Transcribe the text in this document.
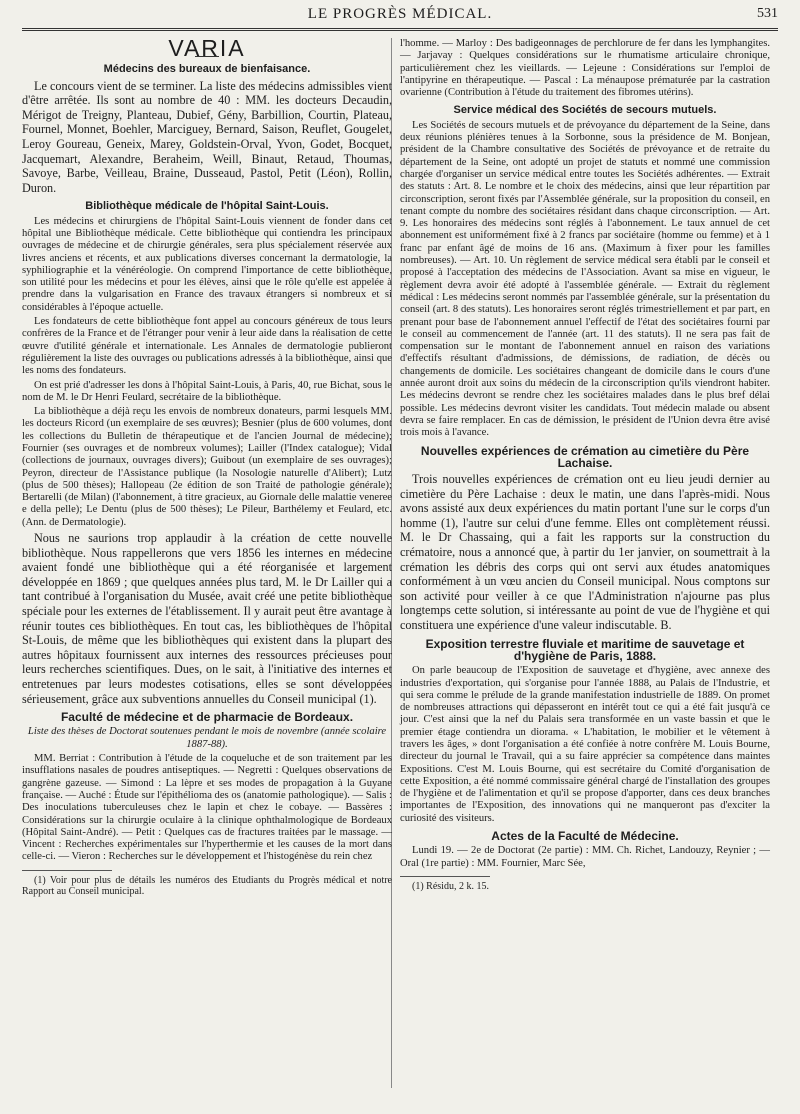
LE PROGRÈS MÉDICAL.	531
VARIA
Médecins des bureaux de bienfaisance.

Le concours vient de se terminer. La liste des médecins admissibles vient d'être arrêtée. Ils sont au nombre de 40 : MM. les docteurs Decaudin, Mérigot de Treigny, Planteau, Dubief, Gény, Barbillion, Courtin, Plateau, Fournel, Monnet, Boehler, Marciguey, Bernard, Saison, Reuflet, Gougelet, Leroy Goureau, Geneix, Marey, Goldstein-Orval, Yvon, Godet, Bocquet, Jacquemart, Alexandre, Beraheim, Weill, Binaut, Retaud, Thoumas, Savoye, Barbe, Veilleau, Braine, Dusseaud, Pastol, Petit (Léon), Rollin, Duron.

Bibliothèque médicale de l'hôpital Saint-Louis.

Les médecins et chirurgiens de l'hôpital Saint-Louis viennent de fonder dans cet hôpital une Bibliothèque médicale. Cette bibliothèque qui contiendra les principaux ouvrages de médecine et de chirurgie générales, sera plus spécialement réservée aux livres anciens et récents, et aux publications diverses concernant la dermatologie, la syphiliographie et la vénéréologie. On comprend l'importance de cette bibliothèque, son utilité pour les médecins et pour les élèves, ainsi que le rôle qu'elle est appelée à prendre dans la vulgarisation en France des travaux étrangers si nombreux et si considérables à l'époque actuelle.

Les fondateurs de cette bibliothèque font appel au concours généreux de tous leurs confrères de la France et de l'étranger pour venir à leur aide dans la réalisation de cette œuvre d'utilité générale et internationale. Les Annales de dermatologie publieront régulièrement la liste des ouvrages ou publications adressés à la bibliothèque, ainsi que les noms des fondateurs.

On est prié d'adresser les dons à l'hôpital Saint-Louis, à Paris, 40, rue Bichat, sous le nom de M. le Dr Henri Feulard, secrétaire de la bibliothèque.

La bibliothèque a déjà reçu les envois de nombreux donateurs, parmi lesquels MM. les docteurs Ricord (un exemplaire de ses œuvres); Besnier (plus de 600 volumes, dont les collections du Bulletin de thérapeutique et de l'ancien Journal de médecine); Fournier (ses ouvrages et de nombreux volumes); Lailler (l'Index catalogue); Vidal (collections de journaux, ouvrages divers); Guibout (un exemplaire de ses ouvrages); Peyron, directeur de l'Assistance publique (la Nosologie naturelle d'Alibert); Lutz (plus de 500 thèses); Hallopeau (2e édition de son Traité de pathologie générale); Bertarelli (de Milan) (l'abonnement, à titre gracieux, au Giornale delle malattie veneree e della pelle); Le Dentu (plus de 500 thèses); Le Pileur, Barthélemy et Feulard, etc. (Ann. de Dermatologie).

Nous ne saurions trop applaudir à la création de cette nouvelle bibliothèque. Nous rappellerons que vers 1856 les internes en médecine avaient fondé une bibliothèque qui a été réorganisée et largement développée en 1869 ; que quelques années plus tard, M. le Dr Lailler qui a tant contribué à l'organisation du Musée, avait créé une petite bibliothèque spéciale pour les externes de l'établissement. Il y aurait peut être avantage à réunir toutes ces bibliothèques. En tout cas, les bibliothèques de l'hôpital St-Louis, de même que les bibliothèques qui existent dans la plupart des autres hôpitaux fournissent aux internes des ressources précieuses pour leurs recherches scientifiques. Dues, on le sait, à l'initiative des internes et entretenues par leurs modestes cotisations, elles se sont développées sérieusement, grâce aux subventions annuelles du Conseil municipal (1).

Faculté de médecine et de pharmacie de Bordeaux.
Liste des thèses de Doctorat soutenues pendant le mois de novembre (année scolaire 1887-88).

MM. Berriat : Contribution à l'étude de la coqueluche et de son traitement par les insufflations nasales de poudres antiseptiques. — Negretti : Quelques observations de gangrène gazeuse. — Simond : La lèpre et ses modes de propagation à la Guyane française. — Auché : Étude sur l'épithélioma des os (anatomie pathologique). — Salis : Des inoculations tuberculeuses chez le lapin et chez le cobaye. — Bassères : Considérations sur la chirurgie oculaire à la clinique ophthalmologique de Bordeaux (Hôpital Saint-André). — Petit : Quelques cas de fractures traitées par le massage. — Vincent : Recherches expérimentales sur l'hyperthermie et les causes de la mort dans celle-ci. — Vieron : Recherches sur le développement et l'histogénèse du rein chez

(1) Voir pour plus de détails les numéros des Etudiants du Progrès médical et notre Rapport au Conseil municipal.

l'homme. — Marloy : Des badigeonnages de perchlorure de fer dans les lymphangites. — Jarjavay : Quelques considérations sur le rhumatisme articulaire chronique, particulièrement chez les vieillards. — Lejeune : Considérations sur l'emploi de l'antipyrine en thérapeutique. — Pascal : La ménaupose prématurée par la castration ovarienne (Contribution à l'étude du traitement des fibromes utérins).

Service médical des Sociétés de secours mutuels.

Les Sociétés de secours mutuels et de prévoyance du département de la Seine, dans deux réunions plénières tenues à la Sorbonne, sous la présidence de M. Bonjean, président de la Chambre consultative des Sociétés de prévoyance et de retraite du département de la Seine, ont adopté un projet de statuts et nommé une commission chargée d'organiser un service médical entre toutes les Sociétés adhérentes. — Extrait des statuts : Art. 8. Le nombre et le choix des médecins, ainsi que leur répartition par circonscription, seront fixés par l'Assemblée générale, sur la proposition du conseil, en tenant compte du nombre des sociétaires résidant dans chaque circonscription. — Art. 9. Les honoraires des médecins sont réglés à l'abonnement. Le taux annuel de cet abonnement est uniformément fixé à 2 francs par sociétaire (homme ou femme) et à 1 franc par enfant âgé de moins de 16 ans. (Maximum à fixer pour les familles nombreuses). — Art. 10. Un règlement de service médical sera établi par le conseil et proposé à l'acceptation des médecins de l'Association. Avant sa mise en vigueur, le règlement devra avoir été adopté à l'assemblée générale. — Extrait du règlement médical : Les médecins seront nommés par l'assemblée générale, sur la présentation du conseil (art. 8 des statuts). Les honoraires seront réglés trimestriellement et par part, en prenant pour base de l'abonnement annuel l'effectif de l'état des sociétaires fourni par le conseil au commencement de l'année (art. 11 des statuts). Il ne sera pas fait de compensation sur le montant de l'abonnement annuel en raison des variations d'effectifs résultant d'admissions, de démissions, de radiation, de décès ou changements de domicile. Les sociétaires changeant de domicile dans le cours d'une année auront droit aux soins du médecin de la circonscription qu'ils viendront habiter. Les médecins devront se rendre chez les sociétaires malades dans le plus bref délai possible. Les médecins devront visiter les candidats. Tout médecin malade ou absent devra se faire remplacer. En cas de démission, le président de l'Union devra être avisé trois mois à l'avance.

Nouvelles expériences de crémation au cimetière du Père Lachaise.

Trois nouvelles expériences de crémation ont eu lieu jeudi dernier au cimetière du Père Lachaise : deux le matin, une dans l'après-midi. Nous avons assisté aux deux expériences du matin portant l'une sur le corps d'un homme (1), l'autre sur celui d'une femme. Elles ont complètement réussi. M. le Dr Chassaing, qui a fait les rapports sur la construction du crématoire, nous a annoncé que, à partir du 1er janvier, on soumettrait à la crémation les débris des corps qui ont servi aux études anatomiques conformément à un vœu ancien du Conseil municipal. Nous comptons sur son activité pour veiller à ce que l'Administration n'ajourne pas plus longtemps cette solution, si intéressante au point de vue de l'hygiène et qui constituera une expérience d'une valeur indiscutable. B.

Exposition terrestre fluviale et maritime de sauvetage et d'hygiène de Paris, 1888.

On parle beaucoup de l'Exposition de sauvetage et d'hygiène, avec annexe des industries d'exportation, qui s'organise pour l'année 1888, au Palais de l'Industrie, et qui sera comme le prélude de la grande manifestation industrielle de 1889. On promet de nombreuses attractions qui dépasseront en intérêt tout ce qui a été fait jusqu'à ce jour. C'est ainsi que la nef du Palais sera transformée en un vaste bassin et que le premier étage contiendra un diorama. « L'habitation, le mobilier et le vêtement à travers les âges, » dont l'organisation a été confiée à notre confrère M. Louis Bourne, directeur du journal le Travail, qui a su faire apprécier sa compétence dans maintes Expositions. C'est M. Louis Bourne, qui est secrétaire du Comité d'organisation de cette Exposition, a été nommé commissaire général chargé de l'installation des groupes de l'hygiène et de l'alimentation et qu'il se propose d'apporter, dans ces deux branches importantes de l'Exposition, des innovations qui ne manqueront pas d'exciter la curiosité des visiteurs.

Actes de la Faculté de Médecine.

Lundi 19. — 2e de Doctorat (2e partie) : MM. Ch. Richet, Landouzy, Reynier ; — Oral (1re partie) : MM. Fournier, Marc Sée,

(1) Résidu, 2 k. 15.
